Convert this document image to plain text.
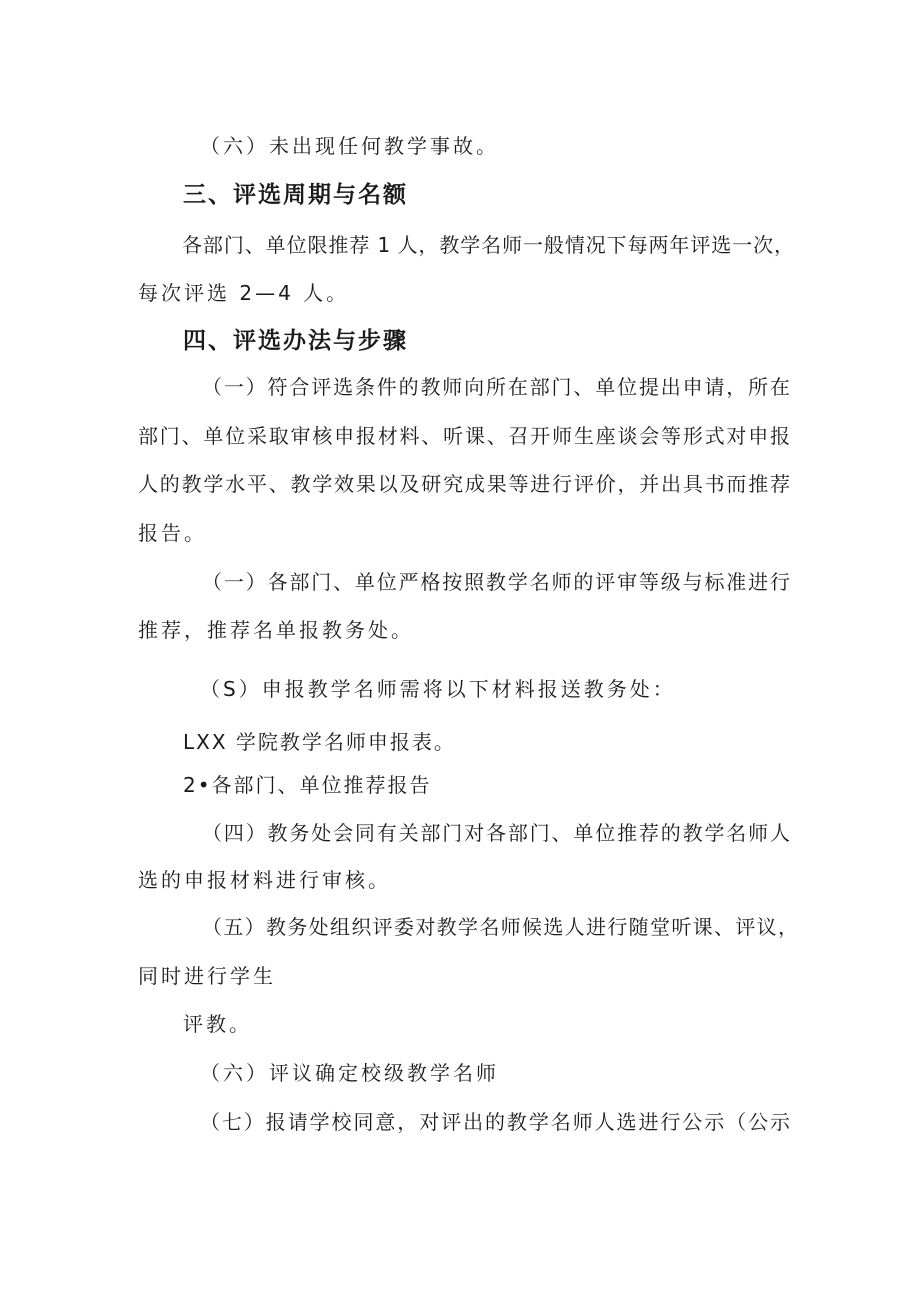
（六）未出现任何教学事故。
三、评选周期与名额
各部门、单位限推荐 1 人，教学名师一般情况下每两年评选一次，
每次评选 2—4 人。
四、评选办法与步骤
（一）符合评选条件的教师向所在部门、单位提出申请，所在
部门、单位采取审核申报材料、听课、召开师生座谈会等形式对申报
人的教学水平、教学效果以及研究成果等进行评价，并出具书而推荐
报告。
（一）各部门、单位严格按照教学名师的评审等级与标准进行
推荐，推荐名单报教务处。
（S）申报教学名师需将以下材料报送教务处：
LXX 学院教学名师申报表。
2•各部门、单位推荐报告
（四）教务处会同有关部门对各部门、单位推荐的教学名师人
选的申报材料进行审核。
（五）教务处组织评委对教学名师候选人进行随堂听课、评议，
同时进行学生
评教。
（六）评议确定校级教学名师
（七）报请学校同意，对评出的教学名师人选进行公示（公示
